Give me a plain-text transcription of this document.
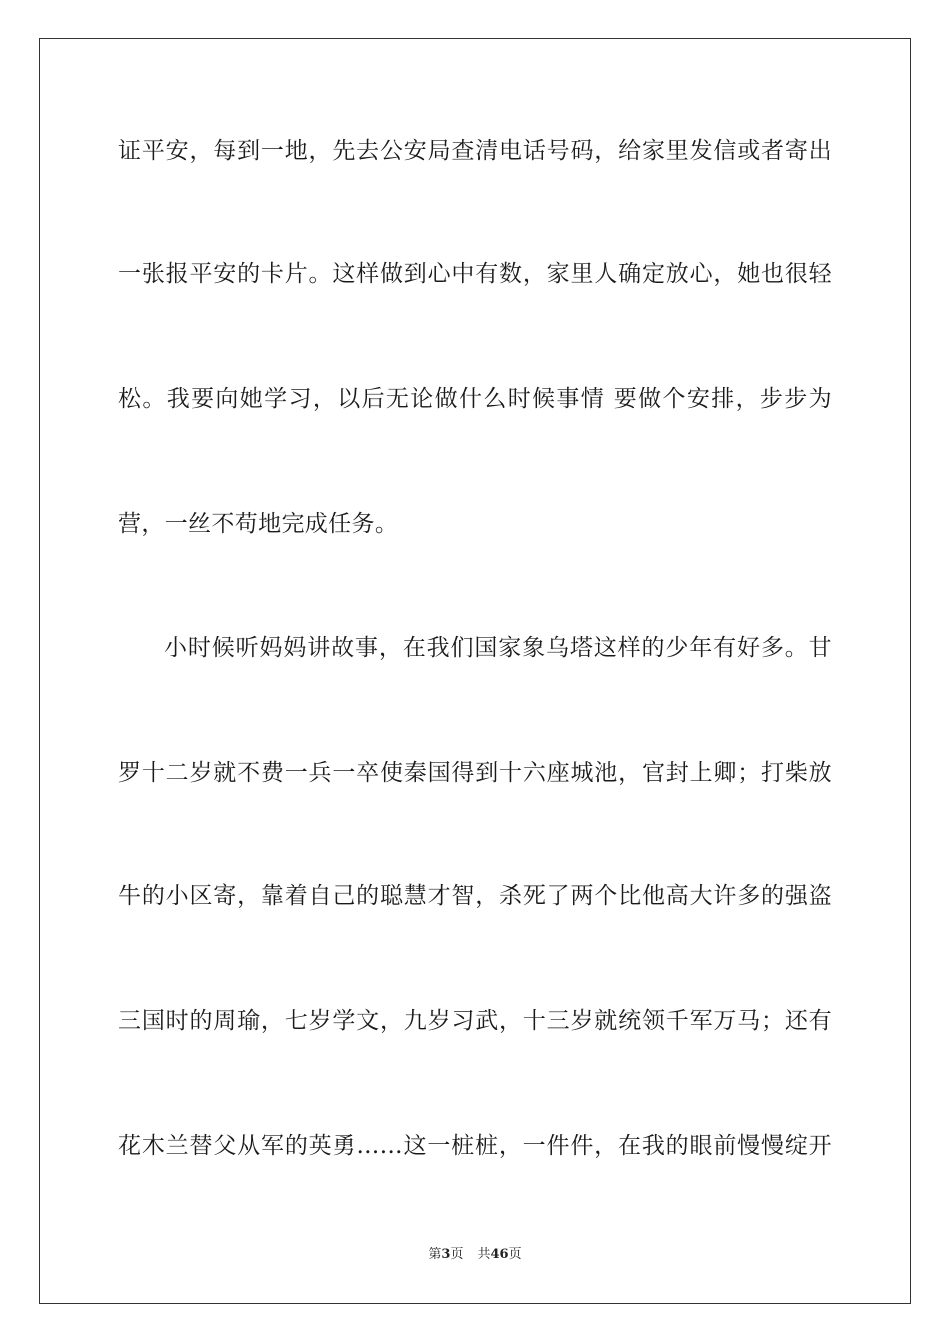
证平安，每到一地，先去公安局查清电话号码，给家里发信或者寄出
一张报平安的卡片。这样做到心中有数，家里人确定放心，她也很轻
松。我要向她学习，以后无论做什么时候事情 要做个安排，步步为
营，一丝不苟地完成任务。
小时候听妈妈讲故事，在我们国家象乌塔这样的少年有好多。甘
罗十二岁就不费一兵一卒使秦国得到十六座城池，官封上卿；打柴放
牛的小区寄，靠着自己的聪慧才智，杀死了两个比他高大许多的强盗
三国时的周瑜，七岁学文，九岁习武，十三岁就统领千军万马；还有
花木兰替父从军的英勇……这一桩桩，一件件，在我的眼前慢慢绽开
第3页 共46页
